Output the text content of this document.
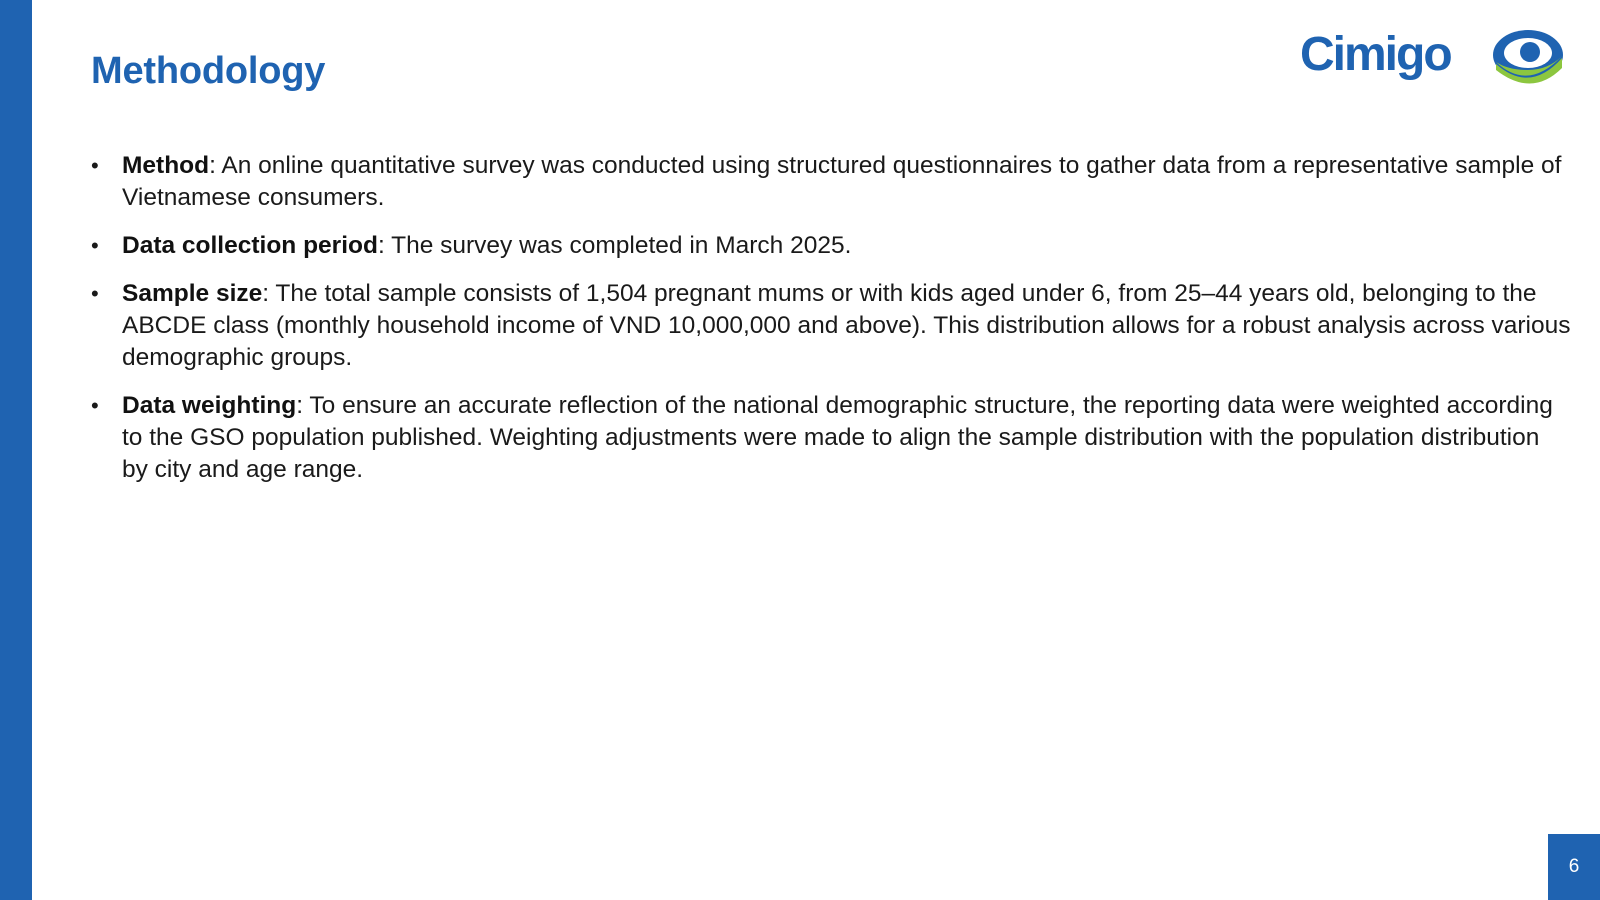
Methodology	Cimigo
• Method: An online quantitative survey was conducted using structured questionnaires to gather data from a representative sample of Vietnamese consumers.
• Data collection period: The survey was completed in March 2025.
• Sample size: The total sample consists of 1,504 pregnant mums or with kids aged under 6, from 25–44 years old, belonging to the ABCDE class (monthly household income of VND 10,000,000 and above). This distribution allows for a robust analysis across various demographic groups.
• Data weighting: To ensure an accurate reflection of the national demographic structure, the reporting data were weighted according to the GSO population published. Weighting adjustments were made to align the sample distribution with the population distribution by city and age range.
6
